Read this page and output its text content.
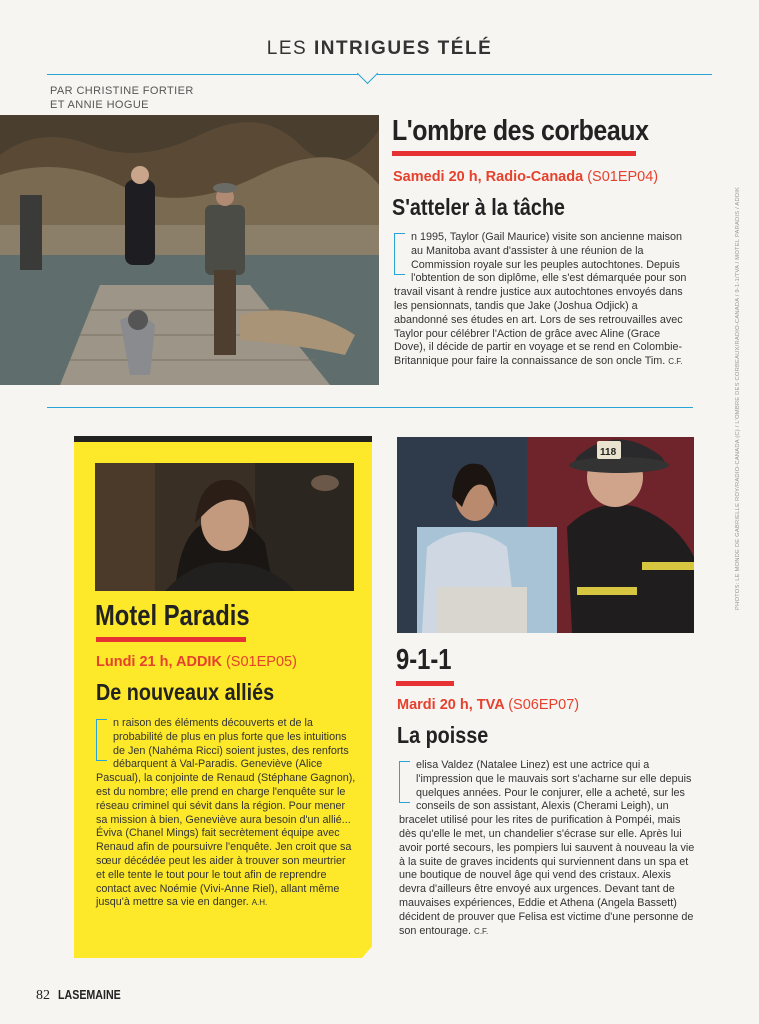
LES INTRIGUES TÉLÉ
PAR CHRISTINE FORTIER
ET ANNIE HOGUE
L'ombre des corbeaux
Samedi 20 h, Radio-Canada (S01EP04)
S'atteler à la tâche
n 1995, Taylor (Gail Maurice) visite son ancienne maison au Manitoba avant d'assister à une réunion de la Commission royale sur les peuples autochtones. Depuis l'obtention de son diplôme, elle s'est démarquée pour son travail visant à rendre justice aux autochtones envoyés dans les pensionnats, tandis que Jake (Joshua Odjick) a abandonné ses études en art. Lors de ses retrouvailles avec Taylor pour célébrer l'Action de grâce avec Aline (Grace Dove), il décide de partir en voyage et se rend en Colombie-Britannique pour faire la connaissance de son oncle Tim. C.F.
Motel Paradis
Lundi 21 h, ADDIK (S01EP05)
De nouveaux alliés
n raison des éléments découverts et de la probabilité de plus en plus forte que les intuitions de Jen (Nahéma Ricci) soient justes, des renforts débarquent à Val-Paradis. Geneviève (Alice Pascual), la conjointe de Renaud (Stéphane Gagnon), est du nombre; elle prend en charge l'enquête sur le réseau criminel qui sévit dans la région. Pour mener sa mission à bien, Geneviève aura besoin d'un allié... Éviva (Chanel Mings) fait secrètement équipe avec Renaud afin de poursuivre l'enquête. Jen croit que sa sœur décédée peut les aider à trouver son meurtrier et elle tente le tout pour le tout afin de reprendre contact avec Noémie (Vivi-Anne Riel), allant même jusqu'à mettre sa vie en danger. A.H.
118
9-1-1
Mardi 20 h, TVA (S06EP07)
La poisse
elisa Valdez (Natalee Linez) est une actrice qui a l'impression que le mauvais sort s'acharne sur elle depuis quelques années. Pour le conjurer, elle a acheté, sur les conseils de son assistant, Alexis (Cherami Leigh), un bracelet utilisé pour les rites de purification à Pompéi, mais dès qu'elle le met, un chandelier s'écrase sur elle. Après lui avoir porté secours, les pompiers lui sauvent à nouveau la vie à la suite de graves incidents qui surviennent dans un spa et une boutique de nouvel âge qui vend des cristaux. Alexis devra d'ailleurs être envoyé aux urgences. Devant tant de mauvaises expériences, Eddie et Athena (Angela Bassett) décident de prouver que Felisa est victime d'une personne de son entourage. C.F.
82 LASEMAINE
PHOTOS: LE MONDE DE GABRIELLE ROY/RADIO-CANADA (C) / L'OMBRE DES CORBEAUX/RADIO-CANADA / 9-1-1/TVA / MOTEL PARADIS / ADDIK
